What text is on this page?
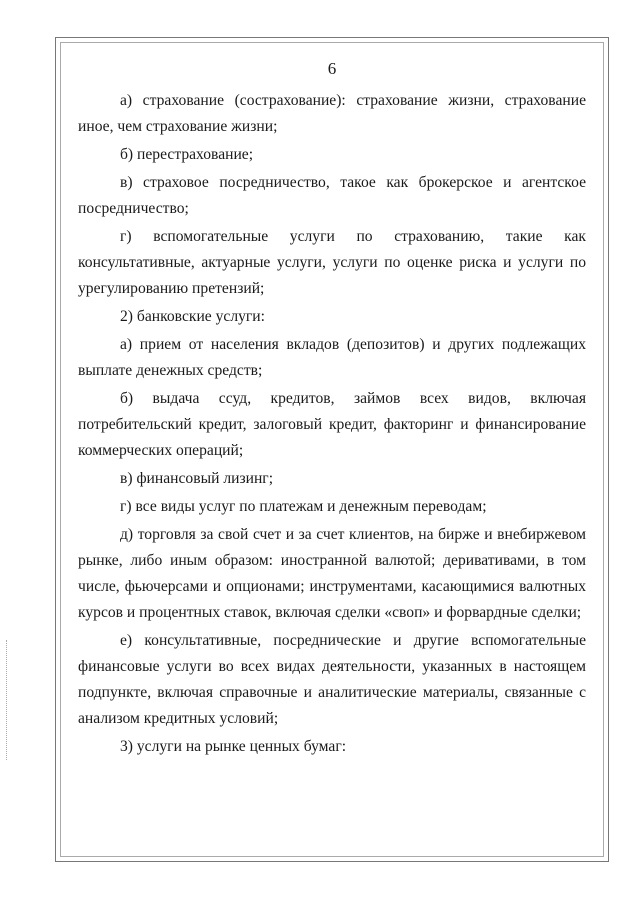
6

а) страхование (сострахование): страхование жизни, страхование иное, чем страхование жизни;

б) перестрахование;

в) страховое посредничество, такое как брокерское и агентское посредничество;

г) вспомогательные услуги по страхованию, такие как консультативные, актуарные услуги, услуги по оценке риска и услуги по урегулированию претензий;

2) банковские услуги:

а) прием от населения вкладов (депозитов) и других подлежащих выплате денежных средств;

б) выдача ссуд, кредитов, займов всех видов, включая потребительский кредит, залоговый кредит, факторинг и финансирование коммерческих операций;

в) финансовый лизинг;

г) все виды услуг по платежам и денежным переводам;

д) торговля за свой счет и за счет клиентов, на бирже и внебиржевом рынке, либо иным образом: иностранной валютой; деривативами, в том числе, фьючерсами и опционами; инструментами, касающимися валютных курсов и процентных ставок, включая сделки «своп» и форвардные сделки;

е) консультативные, посреднические и другие вспомогательные финансовые услуги во всех видах деятельности, указанных в настоящем подпункте, включая справочные и аналитические материалы, связанные с анализом кредитных условий;

3) услуги на рынке ценных бумаг:
